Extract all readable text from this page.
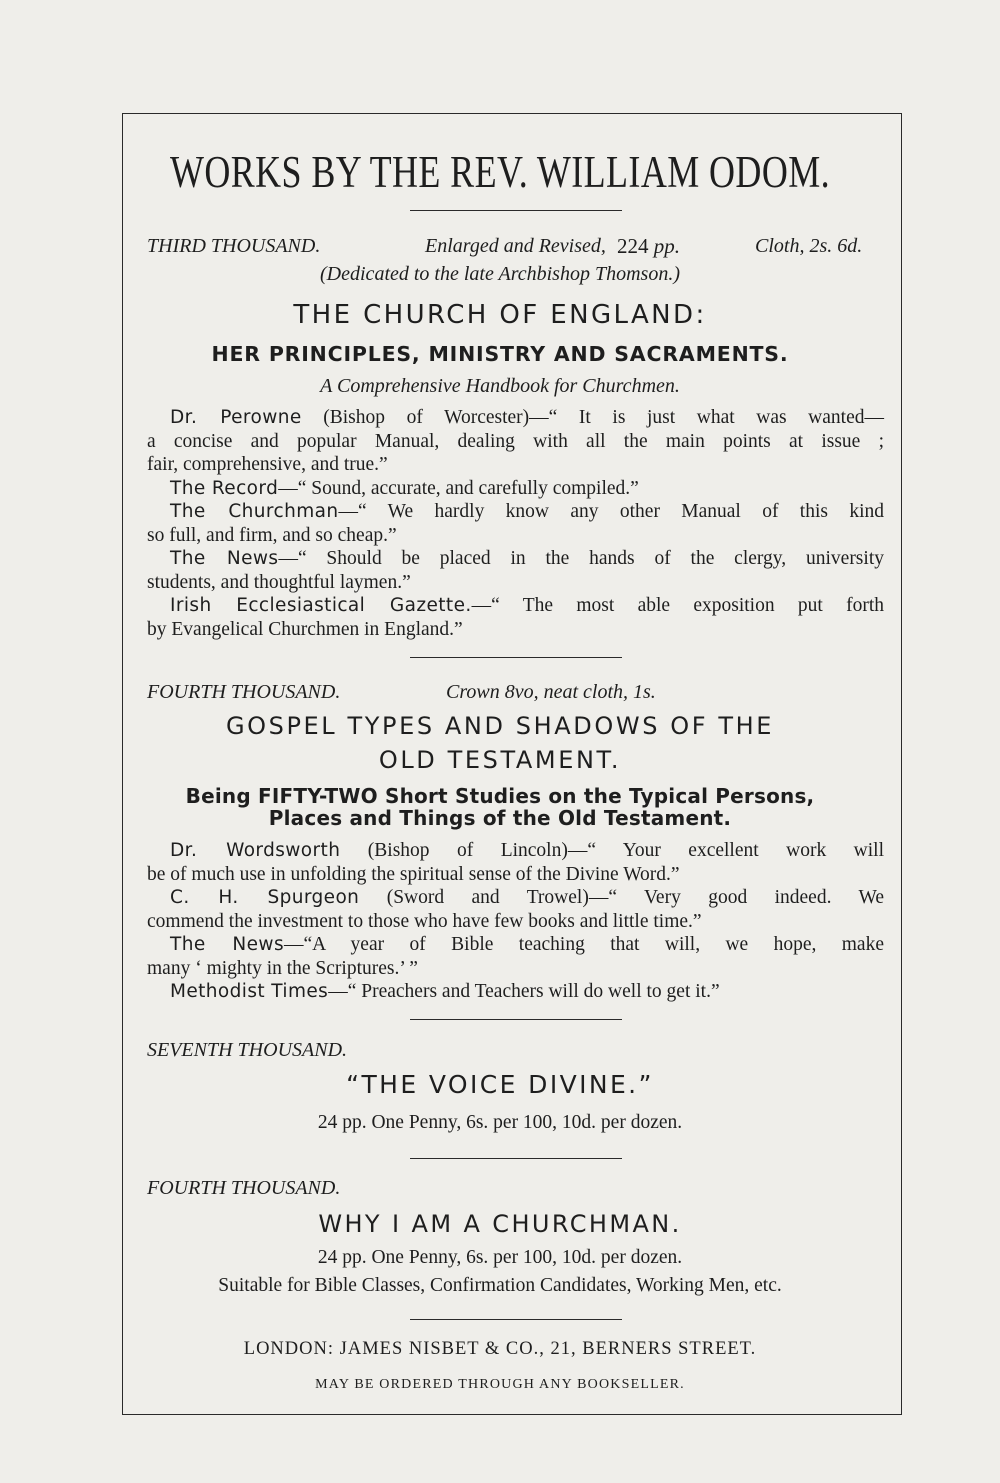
WORKS BY THE REV. WILLIAM ODOM.
THIRD THOUSAND.	Enlarged and Revised, 224 pp.	Cloth, 2s. 6d.
(Dedicated to the late Archbishop Thomson.)
THE CHURCH OF ENGLAND:
HER PRINCIPLES, MINISTRY AND SACRAMENTS.
A Comprehensive Handbook for Churchmen.

Dr. Perowne (Bishop of Worcester)—“ It is just what was wanted—

a concise and popular Manual, dealing with all the main points at issue ;

fair, comprehensive, and true.”

The Record—“ Sound, accurate, and carefully compiled.”

The Churchman—“ We hardly know any other Manual of this kind

so full, and firm, and so cheap.”

The News—“ Should be placed in the hands of the clergy, university

students, and thoughtful laymen.”

Irish Ecclesiastical Gazette.—“ The most able exposition put forth

by Evangelical Churchmen in England.”

FOURTH THOUSAND.	Crown 8vo, neat cloth, 1s.
GOSPEL TYPES AND SHADOWS OF THE
OLD TESTAMENT.
Being FIFTY-TWO Short Studies on the Typical Persons,
Places and Things of the Old Testament.

Dr. Wordsworth (Bishop of Lincoln)—“ Your excellent work will

be of much use in unfolding the spiritual sense of the Divine Word.”

C. H. Spurgeon (Sword and Trowel)—“ Very good indeed. We

commend the investment to those who have few books and little time.”

The News—“A year of Bible teaching that will, we hope, make

many ‘ mighty in the Scriptures.’ ”

Methodist Times—“ Preachers and Teachers will do well to get it.”

SEVENTH THOUSAND.
“THE VOICE DIVINE.”
24 pp. One Penny, 6s. per 100, 10d. per dozen.
FOURTH THOUSAND.
WHY I AM A CHURCHMAN.
24 pp. One Penny, 6s. per 100, 10d. per dozen.
Suitable for Bible Classes, Confirmation Candidates, Working Men, etc.
LONDON: JAMES NISBET & CO., 21, BERNERS STREET.
MAY BE ORDERED THROUGH ANY BOOKSELLER.
